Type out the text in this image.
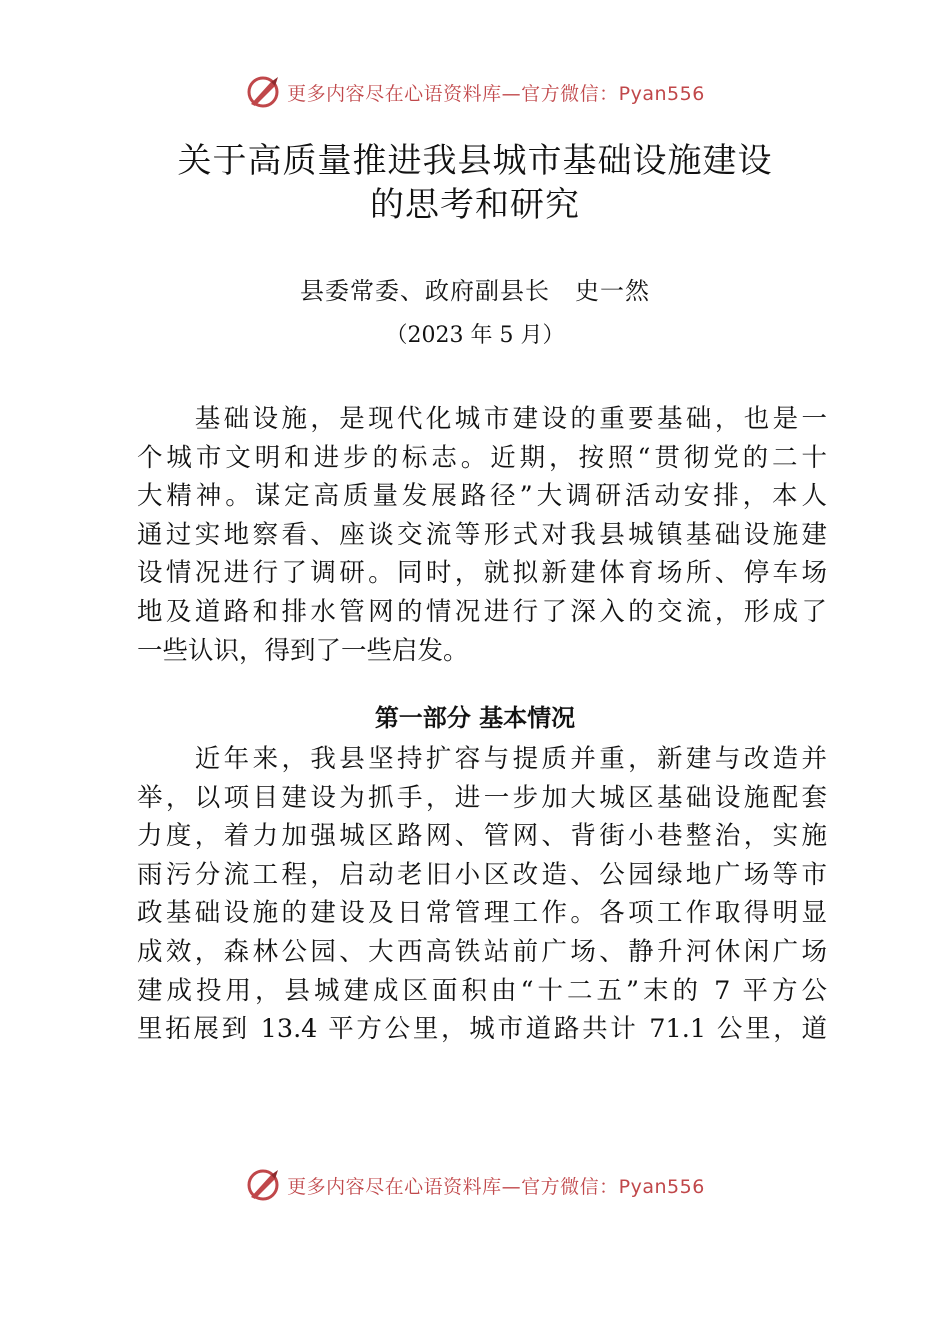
更多内容尽在心语资料库—官方微信：Pyan556
关于高质量推进我县城市基础设施建设
的思考和研究
县委常委、政府副县长　史一然
（2023 年 5 月）
　　基础设施，是现代化城市建设的重要基础，也是一
个城市文明和进步的标志。近期，按照“贯彻党的二十
大精神。谋定高质量发展路径”大调研活动安排，本人
通过实地察看、座谈交流等形式对我县城镇基础设施建
设情况进行了调研。同时，就拟新建体育场所、停车场
地及道路和排水管网的情况进行了深入的交流，形成了
一些认识，得到了一些启发。
第一部分 基本情况
　　近年来，我县坚持扩容与提质并重，新建与改造并
举，以项目建设为抓手，进一步加大城区基础设施配套
力度，着力加强城区路网、管网、背街小巷整治，实施
雨污分流工程，启动老旧小区改造、公园绿地广场等市
政基础设施的建设及日常管理工作。各项工作取得明显
成效，森林公园、大西高铁站前广场、静升河休闲广场
建成投用，县城建成区面积由“十二五”末的 7 平方公
里拓展到 13.4 平方公里，城市道路共计 71.1 公里，道
更多内容尽在心语资料库—官方微信：Pyan556
